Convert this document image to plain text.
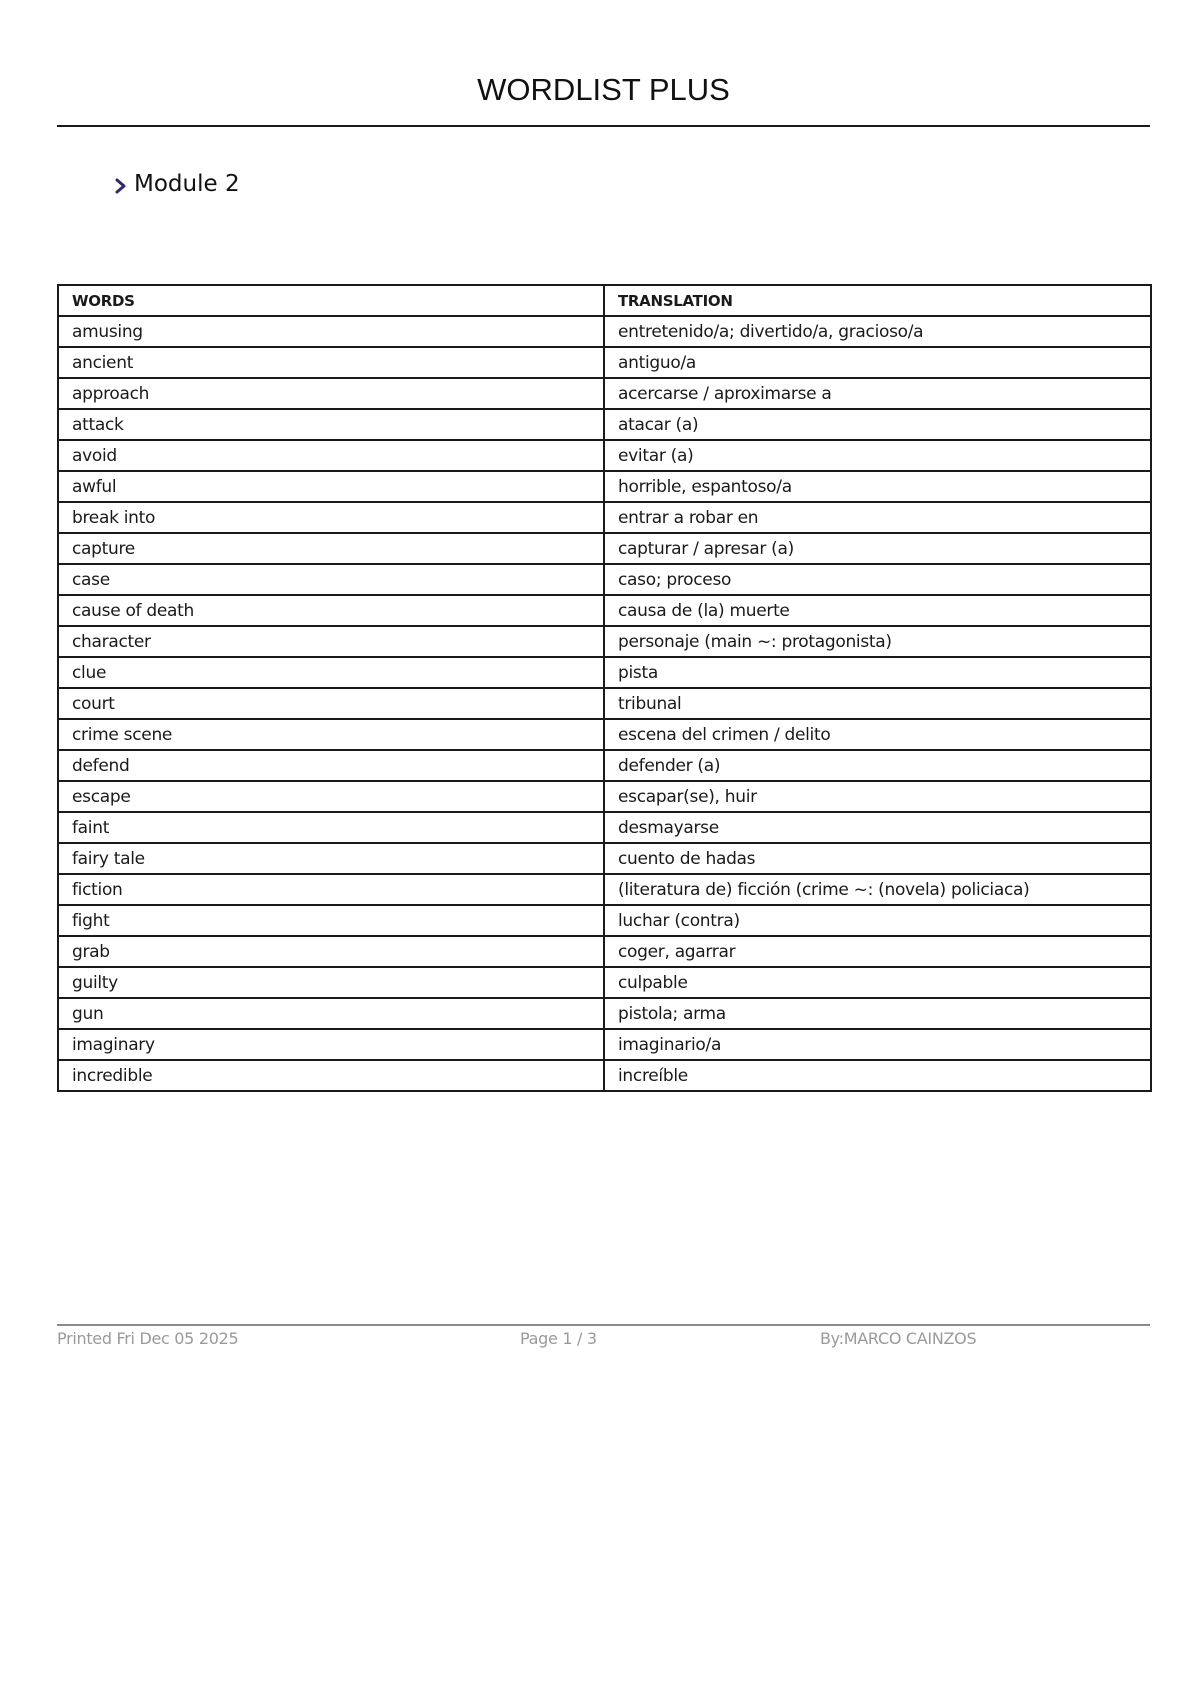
WORDLIST PLUS
Module 2
WORDS	TRANSLATION
amusing	entretenido/a; divertido/a, gracioso/a
ancient	antiguo/a
approach	acercarse / aproximarse a
attack	atacar (a)
avoid	evitar (a)
awful	horrible, espantoso/a
break into	entrar a robar en
capture	capturar / apresar (a)
case	caso; proceso
cause of death	causa de (la) muerte
character	personaje (main ~: protagonista)
clue	pista
court	tribunal
crime scene	escena del crimen / delito
defend	defender (a)
escape	escapar(se), huir
faint	desmayarse
fairy tale	cuento de hadas
fiction	(literatura de) ficción (crime ~: (novela) policiaca)
fight	luchar (contra)
grab	coger, agarrar
guilty	culpable
gun	pistola; arma
imaginary	imaginario/a
incredible	increíble
Printed Fri Dec 05 2025	Page 1 / 3	By:MARCO CAINZOS
